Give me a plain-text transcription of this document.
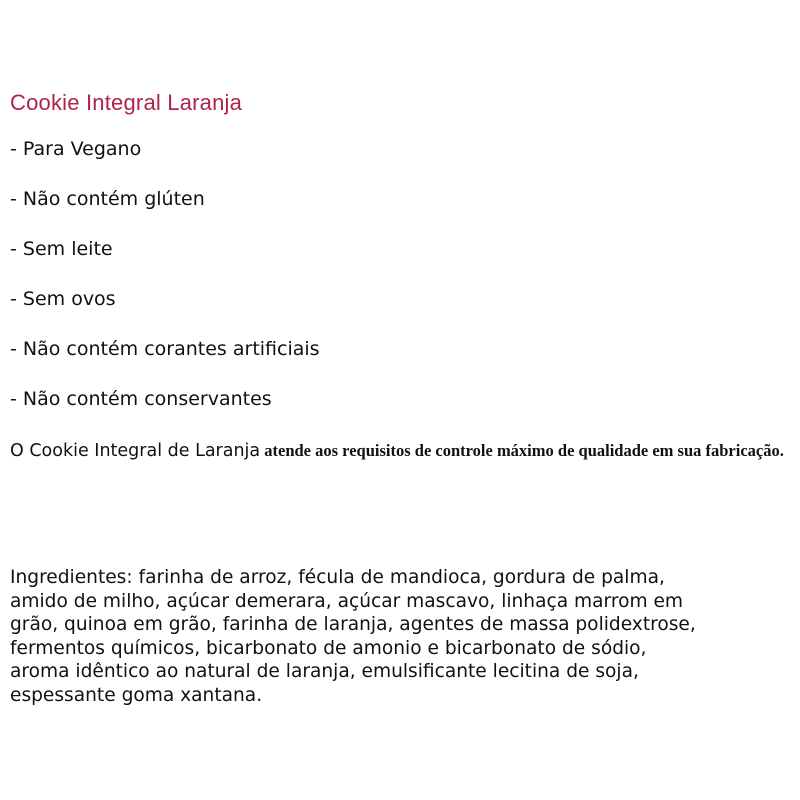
Cookie Integral Laranja
- Para Vegano
- Não contém glúten
- Sem leite
- Sem ovos
- Não contém corantes artificiais
- Não contém conservantes
O Cookie Integral de Laranja atende aos requisitos de controle máximo de qualidade em sua fabricação.
Ingredientes: farinha de arroz, fécula de mandioca, gordura de palma,
amido de milho, açúcar demerara, açúcar mascavo, linhaça marrom em
grão, quinoa em grão, farinha de laranja, agentes de massa polidextrose,
fermentos químicos, bicarbonato de amonio e bicarbonato de sódio,
aroma idêntico ao natural de laranja, emulsificante lecitina de soja,
espessante goma xantana.
